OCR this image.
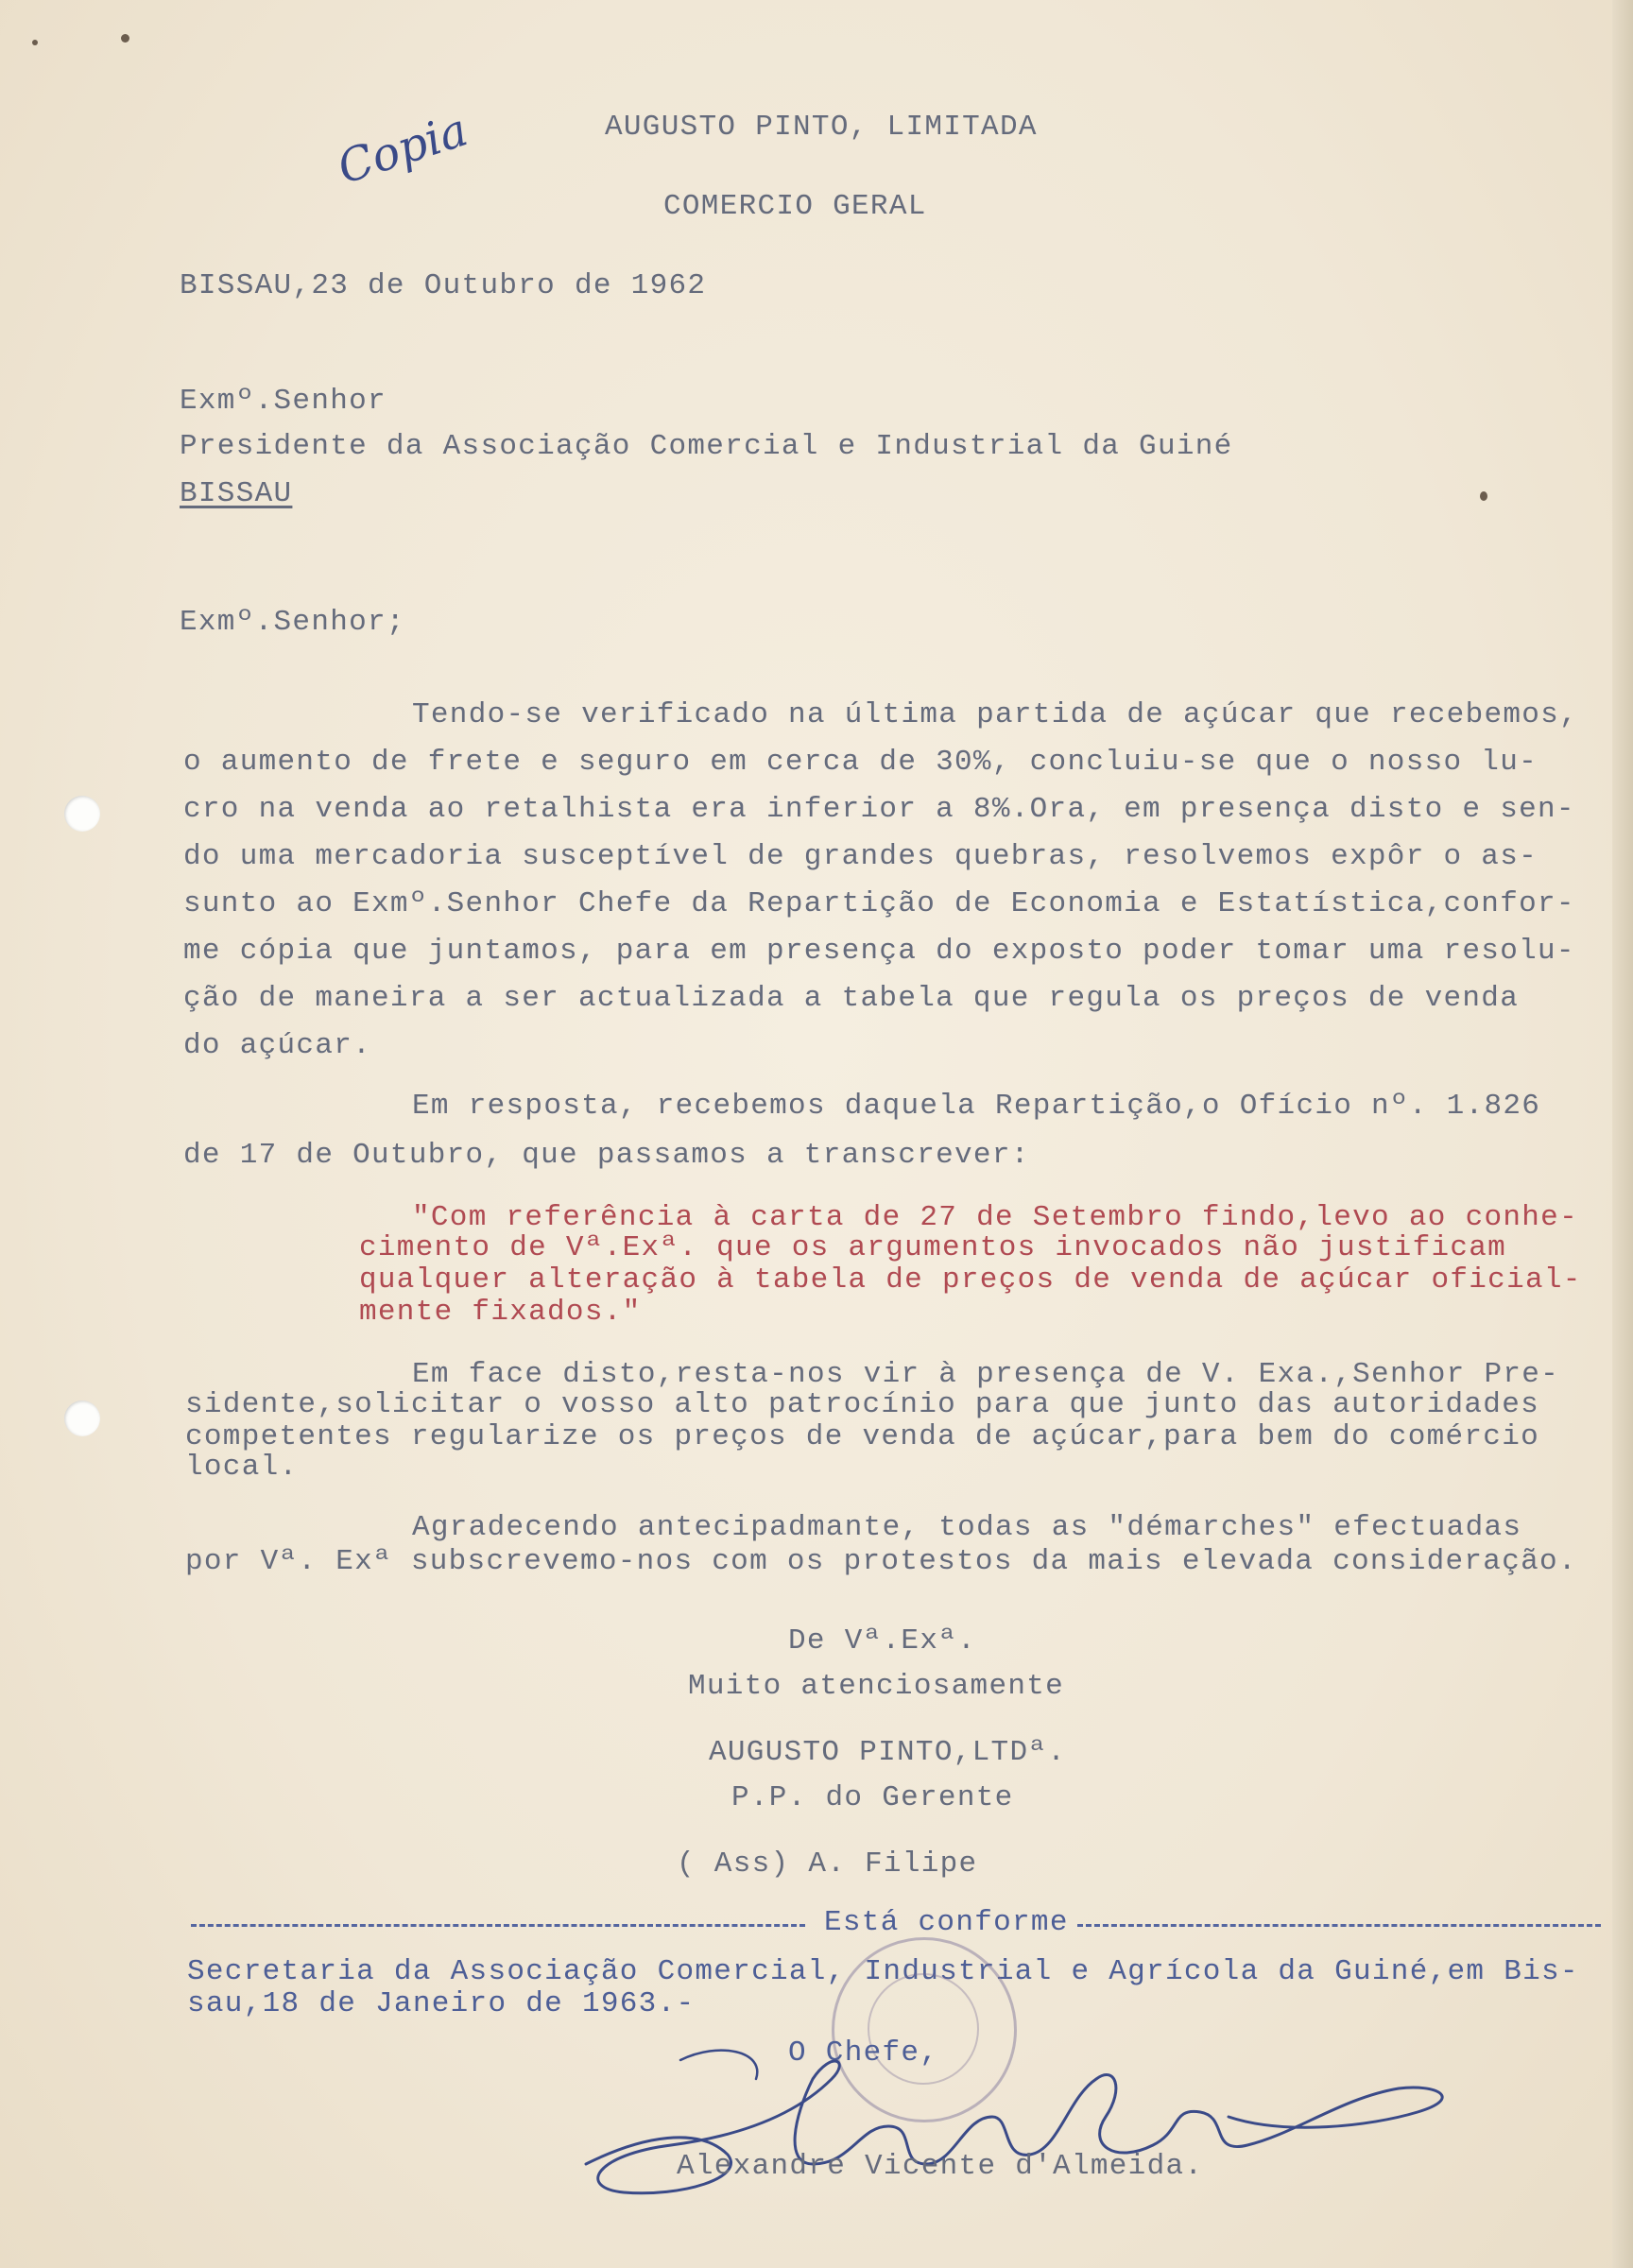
Copia	AUGUSTO PINTO, LIMITADA
COMERCIO GERAL
BISSAU,23 de Outubro de 1962
Exmº.Senhor
Presidente da Associação Comercial e Industrial da Guiné
BISSAU
Exmº.Senhor;
Tendo-se verificado na última partida de açúcar que recebemos,
o aumento de frete e seguro em cerca de 30%, concluiu-se que o nosso lu-
cro na venda ao retalhista era inferior a 8%.Ora, em presença disto e sen-
do uma mercadoria susceptível de grandes quebras, resolvemos expôr o as-
sunto ao Exmº.Senhor Chefe da Repartição de Economia e Estatística,confor-
me cópia que juntamos, para em presença do exposto poder tomar uma resolu-
ção de maneira a ser actualizada a tabela que regula os preços de venda
do açúcar.
Em resposta, recebemos daquela Repartição,o Ofício nº. 1.826
de 17 de Outubro, que passamos a transcrever:
"Com referência à carta de 27 de Setembro findo,levo ao conhe-
cimento de Vª.Exª. que os argumentos invocados não justificam
qualquer alteração à tabela de preços de venda de açúcar oficial-
mente fixados."
Em face disto,resta-nos vir à presença de V. Exa.,Senhor Pre-
sidente,solicitar o vosso alto patrocínio para que junto das autoridades
competentes regularize os preços de venda de açúcar,para bem do comércio
local.
Agradecendo antecipadmante, todas as "démarches" efectuadas
por Vª. Exª subscrevemo-nos com os protestos da mais elevada consideração.
De Vª.Exª.
Muito atenciosamente
AUGUSTO PINTO,LTDª.
P.P. do Gerente
( Ass) A. Filipe
Está conforme
Secretaria da Associação Comercial, Industrial e Agrícola da Guiné,em Bis-
sau,18 de Janeiro de 1963.-
O Chefe,
Alexandre Vicente d'Almeida.
